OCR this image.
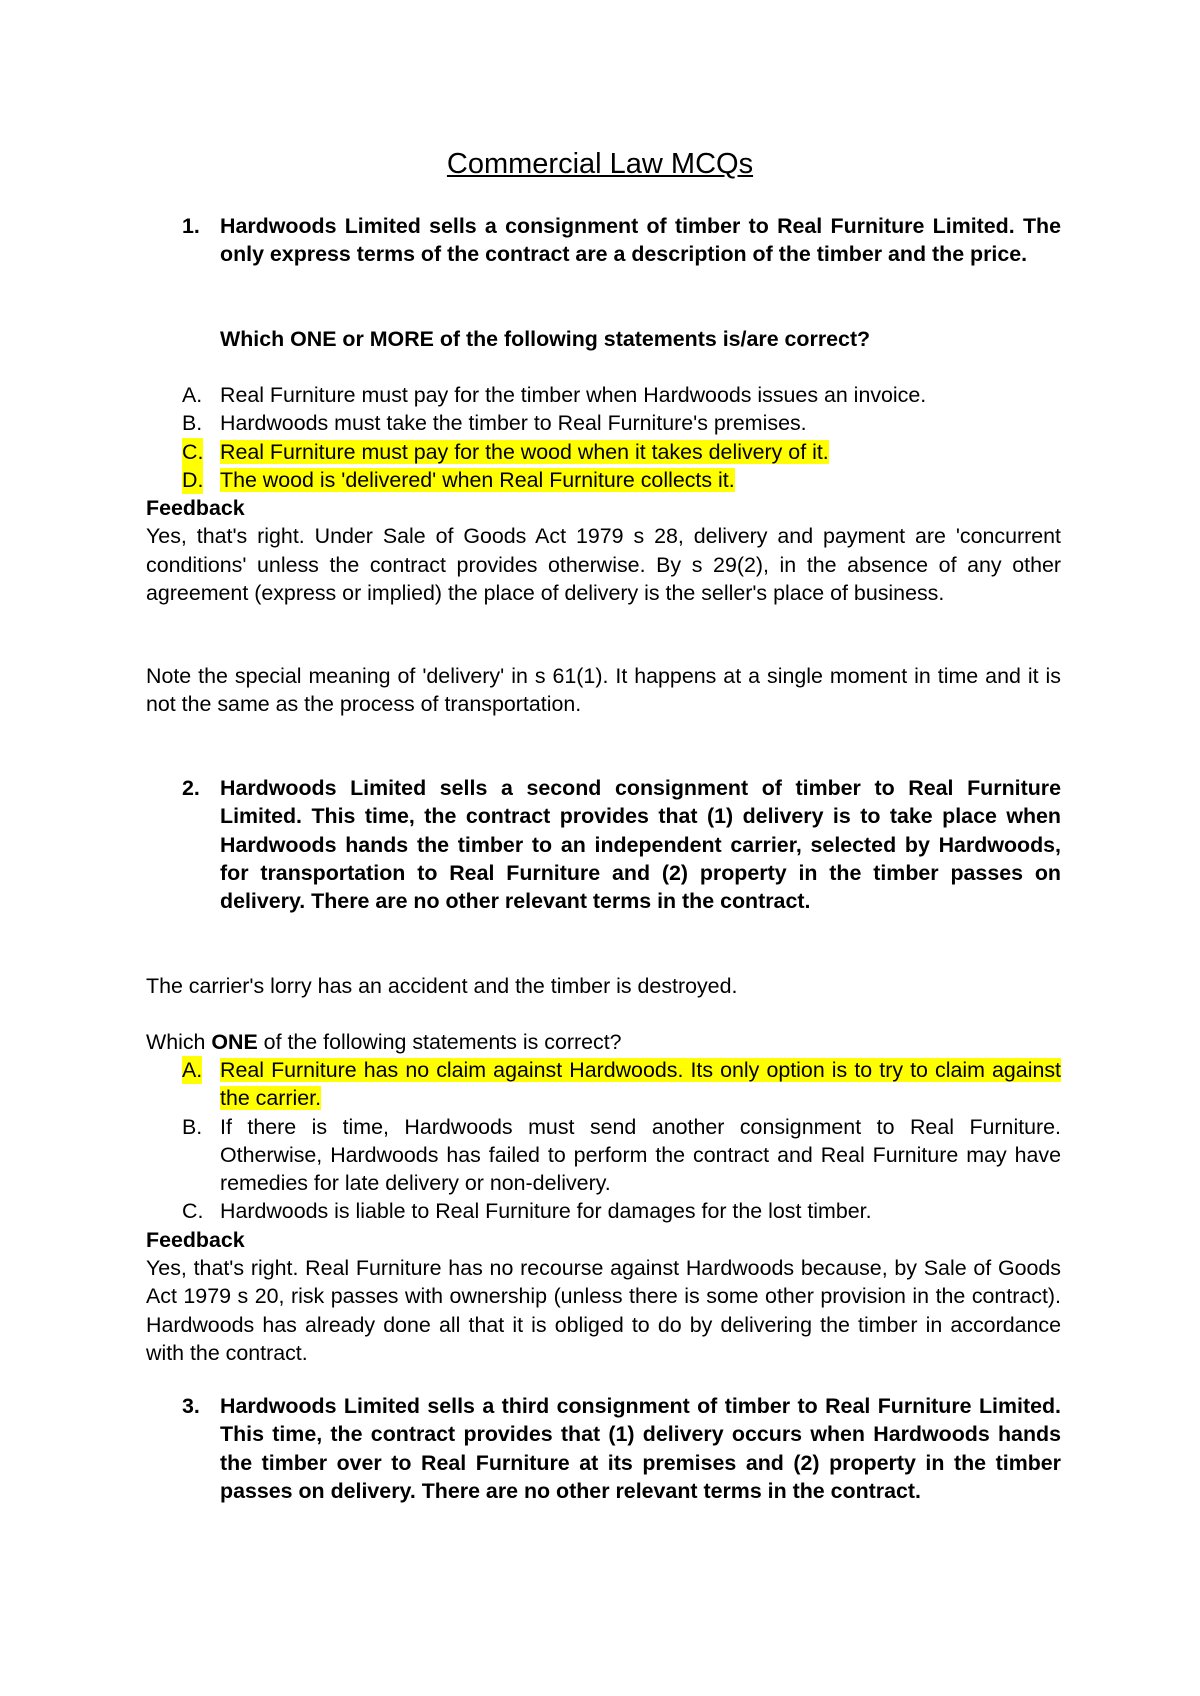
Commercial Law MCQs
1. Hardwoods Limited sells a consignment of timber to Real Furniture Limited. The only express terms of the contract are a description of the timber and the price.
Which ONE or MORE of the following statements is/are correct?
A. Real Furniture must pay for the timber when Hardwoods issues an invoice.
B. Hardwoods must take the timber to Real Furniture's premises.
C. Real Furniture must pay for the wood when it takes delivery of it.
D. The wood is 'delivered' when Real Furniture collects it.
Feedback
Yes, that's right. Under Sale of Goods Act 1979 s 28, delivery and payment are 'concurrent conditions' unless the contract provides otherwise. By s 29(2), in the absence of any other agreement (express or implied) the place of delivery is the seller's place of business.
Note the special meaning of 'delivery' in s 61(1). It happens at a single moment in time and it is not the same as the process of transportation.
2. Hardwoods Limited sells a second consignment of timber to Real Furniture Limited. This time, the contract provides that (1) delivery is to take place when Hardwoods hands the timber to an independent carrier, selected by Hardwoods, for transportation to Real Furniture and (2) property in the timber passes on delivery. There are no other relevant terms in the contract.
The carrier's lorry has an accident and the timber is destroyed.
Which ONE of the following statements is correct?
A. Real Furniture has no claim against Hardwoods. Its only option is to try to claim against the carrier.
B. If there is time, Hardwoods must send another consignment to Real Furniture. Otherwise, Hardwoods has failed to perform the contract and Real Furniture may have remedies for late delivery or non-delivery.
C. Hardwoods is liable to Real Furniture for damages for the lost timber.
Feedback
Yes, that's right. Real Furniture has no recourse against Hardwoods because, by Sale of Goods Act 1979 s 20, risk passes with ownership (unless there is some other provision in the contract). Hardwoods has already done all that it is obliged to do by delivering the timber in accordance with the contract.
3. Hardwoods Limited sells a third consignment of timber to Real Furniture Limited. This time, the contract provides that (1) delivery occurs when Hardwoods hands the timber over to Real Furniture at its premises and (2) property in the timber passes on delivery. There are no other relevant terms in the contract.
